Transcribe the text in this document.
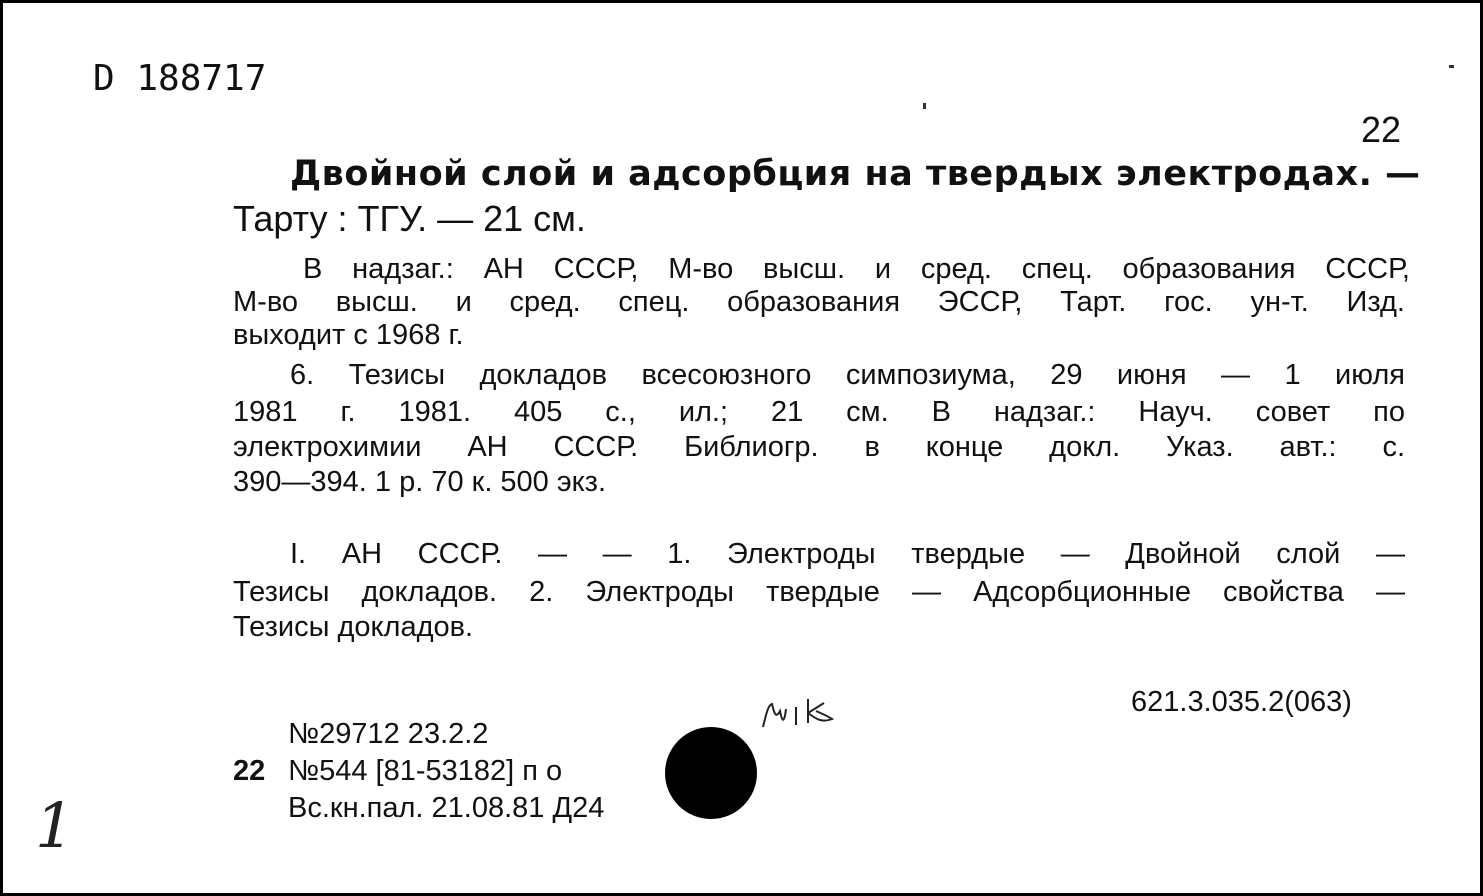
D 188717
22
Двойной слой и адсорбция на твердых электродах. —
Тарту : ТГУ. — 21 см.
В надзаг.: АН СССР, М-во высш. и сред. спец. образования СССР,
М-во высш. и сред. спец. образования ЭССР, Тарт. гос. ун-т. Изд.
выходит с 1968 г.
6. Тезисы докладов всесоюзного симпозиума, 29 июня — 1 июля
1981 г. 1981. 405 с., ил.; 21 см. В надзаг.: Науч. совет по
электрохимии АН СССР. Библиогр. в конце докл. Указ. авт.: с.
390—394. 1 р. 70 к. 500 экз.
I. АН СССР. — — 1. Электроды твердые — Двойной слой —
Тезисы докладов. 2. Электроды твердые — Адсорбционные свойства —
Тезисы докладов.
621.3.035.2(063)
22
№29712 23.2.2
№544 [81-53182] п о
Вс.кн.пал. 21.08.81 Д24
1
